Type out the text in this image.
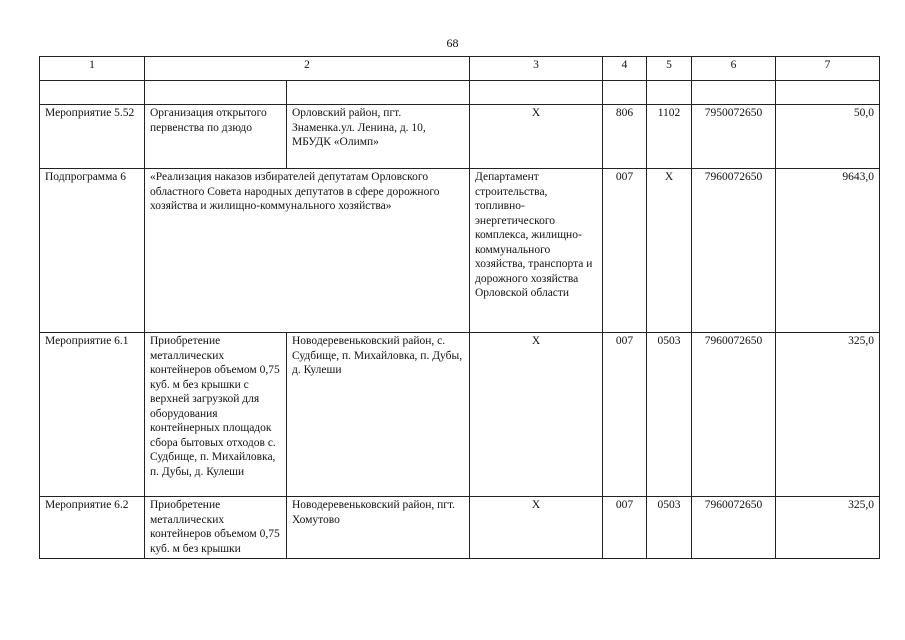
68
1	2		3	4	5	6	7

Мероприятие 5.52	Организация открытого первенства по дзюдо	Орловский район, пгт. Знаменка.ул. Ленина, д. 10, МБУДК «Олимп»	Х	806	1102	7950072650	50,0
Подпрограмма 6	«Реализация наказов избирателей депутатам Орловского областного Совета народных депутатов в сфере дорожного хозяйства и жилищно-коммунального хозяйства»		Департамент строительства, топливно-энергетического комплекса, жилищно-коммунального хозяйства, транспорта и дорожного хозяйства Орловской области	007	Х	7960072650	9643,0
Мероприятие 6.1	Приобретение металлических контейнеров объемом 0,75 куб. м без крышки с верхней загрузкой для оборудования контейнерных площадок сбора бытовых отходов с. Судбище, п. Михайловка, п. Дубы, д. Кулеши	Новодеревеньковский район, с. Судбище, п. Михайловка, п. Дубы, д. Кулеши	Х	007	0503	7960072650	325,0
Мероприятие 6.2	Приобретение металлических контейнеров объемом 0,75 куб. м без крышки	Новодеревеньковский район, пгт. Хомутово	Х	007	0503	7960072650	325,0
